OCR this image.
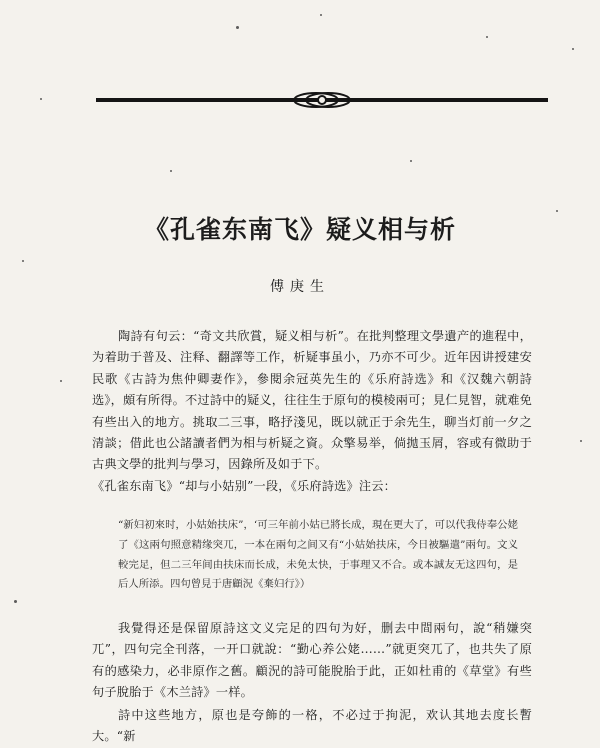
《孔雀东南飞》疑义相与析
傅庚生

陶詩有句云：“奇文共欣賞，疑义相与析”。在批判整理文學遺产的進程中，为着助于普及、注释、翻譯等工作，析疑事虽小，乃亦不可少。近年因讲授建安民歌《古詩为焦仲卿妻作》，參閱余冠英先生的《乐府詩选》和《汉魏六朝詩选》，頗有所得。不过詩中的疑义，往往生于原句的模棱兩可；見仁見智，就难免有些出入的地方。挑取二三事，略抒淺见，既以就正于余先生，聊当灯前一夕之清談；借此也公諸讀者們为相与析疑之資。众擎易举，倘拋玉屑，容或有微助于古典文學的批判与學习，因錄所及如于下。

《孔雀东南飞》“却与小姑别”一段，《乐府詩选》注云：

“新妇初來时，小姑始扶床”，‘可三年前小姑已將长成，現在更大了，可以代我侍奉公姥了《这兩句照意精缘突兀，一本在兩句之间又有“小姑始扶床，今日被驅遣”兩句。文义較完足，但二三年间由扶床而长成，未免太快，于事理又不合。或本誠友无这四句，是后人所添。四句曾見于唐顧況《棄妇行》）

我覺得还是保留原詩这文义完足的四句为好，删去中間兩句，說“稍嫌突兀”，四句完全刊落，一开口就說：“勤心养公姥……”就更突兀了，也共失了原有的感染力，必非原作之舊。顧況的詩可能脫胎于此，正如杜甫的《草堂》有些句子脫胎于《木兰詩》一样。

詩中这些地方，原也是夸飾的一格，不必过于拘泥，欢认其地去度长暫大。“新
